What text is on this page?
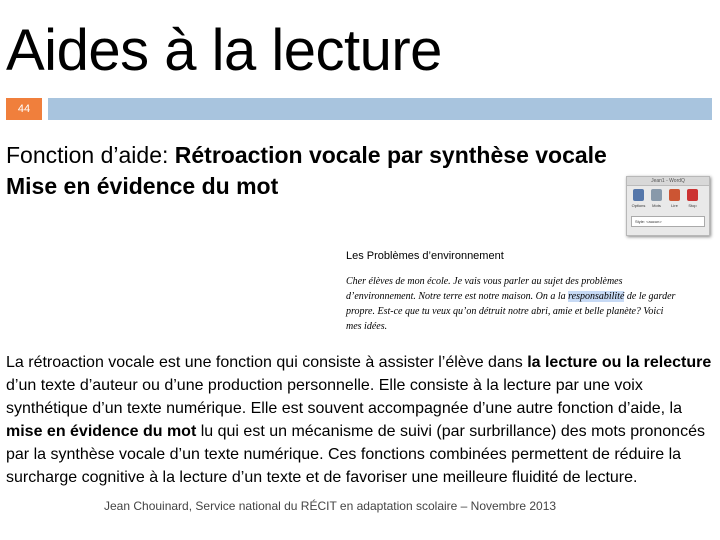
Aides à la lecture
44
Fonction d’aide: Rétroaction vocale par synthèse vocale
Mise en évidence du mot	Jean1 - WordQ
Options Mots	Lire	Stop
Style: <aucun>
Les Problèmes d’environnement
Cher élèves de mon école. Je vais vous parler au sujet des problèmes d’environnement. Notre terre est notre maison. On a la responsabilité de le garder propre. Est-ce que tu veux qu’on détruit notre abri, amie et belle planète? Voici mes idées.
La rétroaction vocale est une fonction qui consiste à assister l’élève dans la lecture ou la relecture d’un texte d’auteur ou d’une production personnelle. Elle consiste à la lecture par une voix synthétique d’un texte numérique. Elle est souvent accompagnée d’une autre fonction d’aide, la mise en évidence du mot lu qui est un mécanisme de suivi (par surbrillance) des mots prononcés par la synthèse vocale d’un texte numérique. Ces fonctions combinées permettent de réduire la surcharge cognitive à la lecture d’un texte et de favoriser une meilleure fluidité de lecture.
Jean Chouinard, Service national du RÉCIT en adaptation scolaire – Novembre 2013
